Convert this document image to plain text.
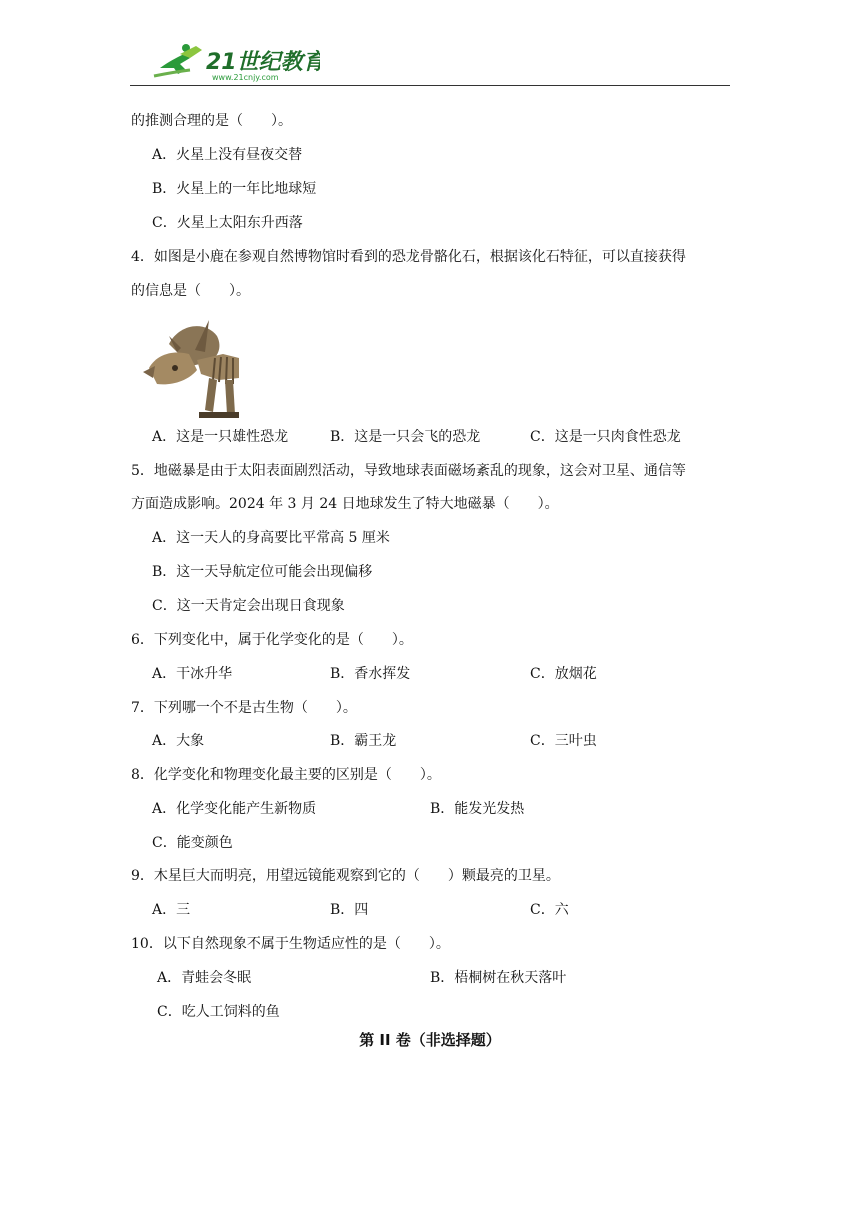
21世纪教育
www.21cnjy.com
的推测合理的是（　　）。
A．火星上没有昼夜交替
B．火星上的一年比地球短
C．火星上太阳东升西落
4．如图是小鹿在参观自然博物馆时看到的恐龙骨骼化石，根据该化石特征，可以直接获得
的信息是（　　）。
A．这是一只雄性恐龙	B．这是一只会飞的恐龙	C．这是一只肉食性恐龙
5．地磁暴是由于太阳表面剧烈活动，导致地球表面磁场紊乱的现象，这会对卫星、通信等
方面造成影响。2024 年 3 月 24 日地球发生了特大地磁暴（　　）。
A．这一天人的身高要比平常高 5 厘米
B．这一天导航定位可能会出现偏移
C．这一天肯定会出现日食现象
6．下列变化中，属于化学变化的是（　　）。
A．干冰升华	B．香水挥发	C．放烟花
7．下列哪一个不是古生物（　　）。
A．大象	B．霸王龙	C．三叶虫
8．化学变化和物理变化最主要的区别是（　　）。
A．化学变化能产生新物质	B．能发光发热
C．能变颜色
9．木星巨大而明亮，用望远镜能观察到它的（　　）颗最亮的卫星。
A．三	B．四	C．六
10．以下自然现象不属于生物适应性的是（　　）。
A．青蛙会冬眠	B．梧桐树在秋天落叶
C．吃人工饲料的鱼
第 II 卷（非选择题）
